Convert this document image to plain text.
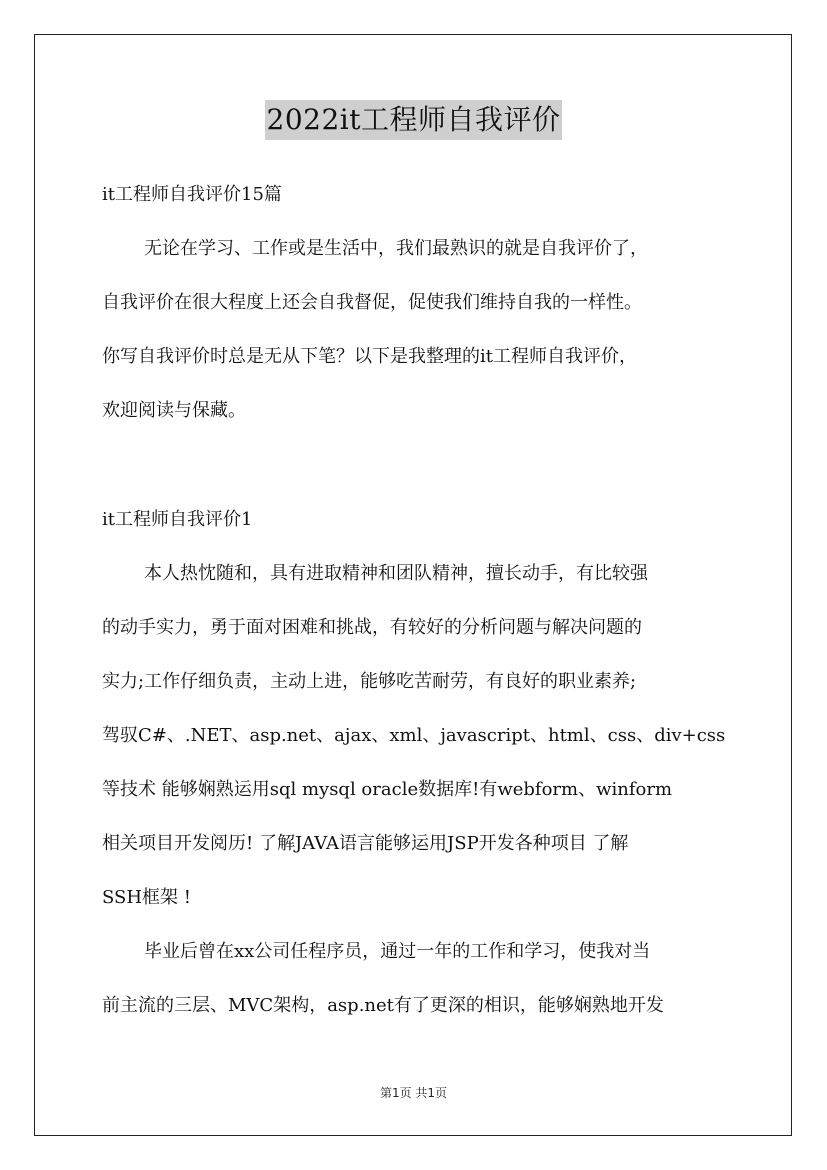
2022it工程师自我评价
it工程师自我评价15篇
无论在学习、工作或是生活中，我们最熟识的就是自我评价了，
自我评价在很大程度上还会自我督促，促使我们维持自我的一样性。
你写自我评价时总是无从下笔？以下是我整理的it工程师自我评价，
欢迎阅读与保藏。
it工程师自我评价1
本人热忱随和，具有进取精神和团队精神，擅长动手，有比较强
的动手实力，勇于面对困难和挑战，有较好的分析问题与解决问题的
实力;工作仔细负责，主动上进，能够吃苦耐劳，有良好的职业素养;
驾驭C#、.NET、asp.net、ajax、xml、javascript、html、css、div+css
等技术 能够娴熟运用sql mysql oracle数据库!有webform、winform
相关项目开发阅历! 了解JAVA语言能够运用JSP开发各种项目 了解
SSH框架 !
毕业后曾在xx公司任程序员，通过一年的工作和学习，使我对当
前主流的三层、MVC架构，asp.net有了更深的相识，能够娴熟地开发
第1页 共1页
